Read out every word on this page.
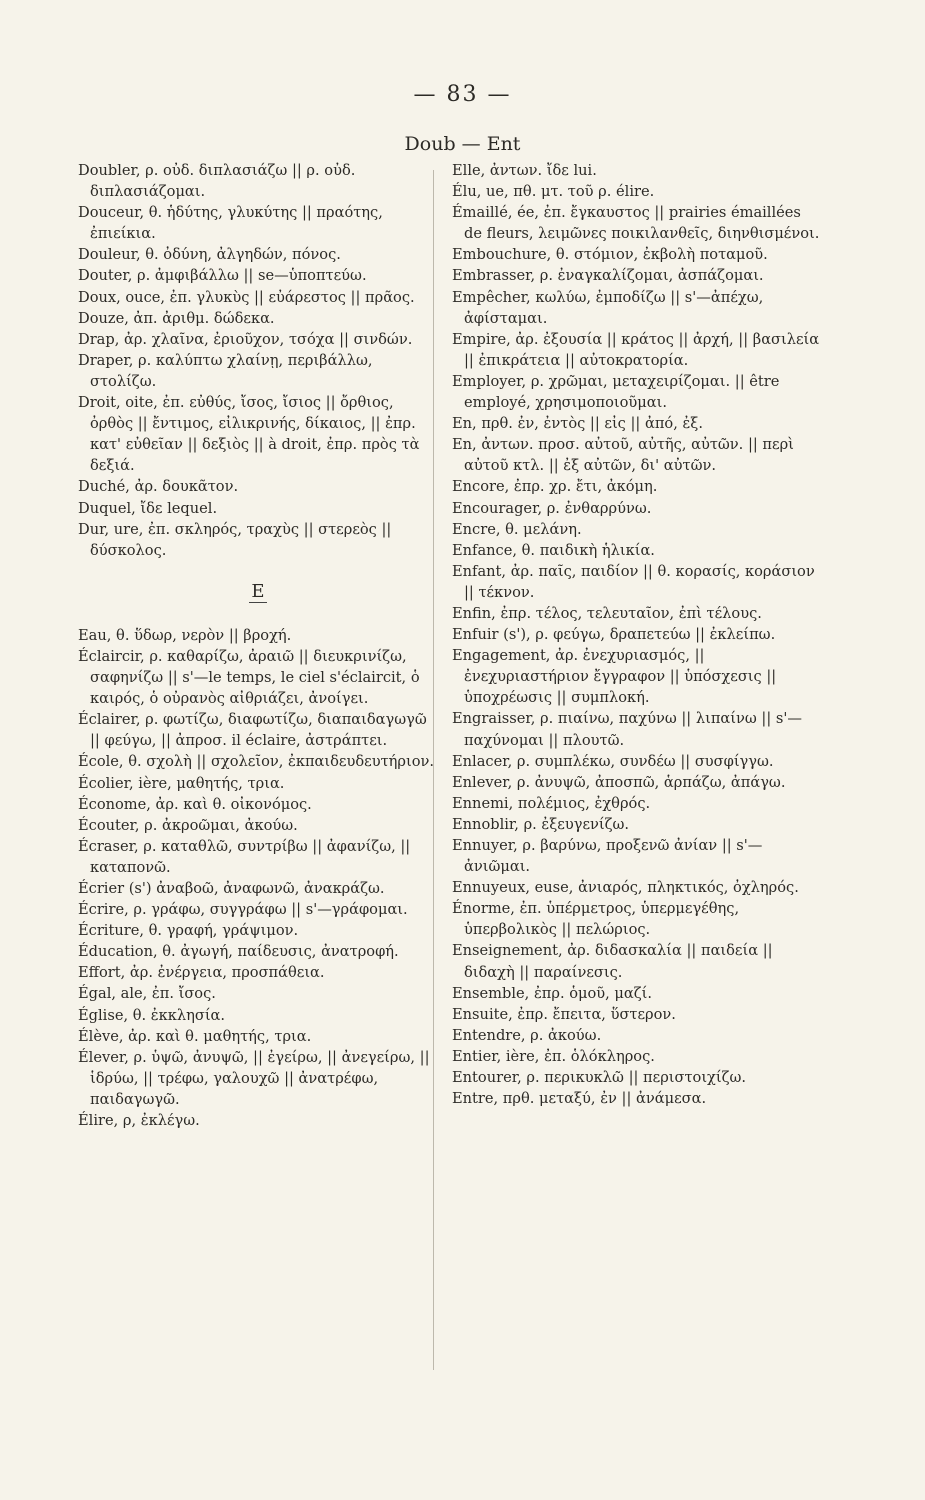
— 83 —
Doub — Ent

Doubler, ρ. οὐδ. διπλασιάζω || ρ. οὐδ. διπλασιάζομαι.

Douceur, θ. ἡδύτης, γλυκύτης || πραότης, ἐπιείκια.

Douleur, θ. ὀδύνη, ἀλγηδών, πόνος.

Douter, ρ. ἀμφιβάλλω || se—ὑποπτεύω.

Doux, ouce, ἐπ. γλυκὺς || εὐάρεστος || πρᾶος.

Douze, ἀπ. ἀριθμ. δώδεκα.

Drap, ἀρ. χλαῖνα, ἐριοῦχον, τσόχα || σινδών.

Draper, ρ. καλύπτω χλαίνῃ, περιβάλλω, στολίζω.

Droit, oite, ἐπ. εὐθύς, ἴσος, ἴσιος || ὄρθιος, ὀρθὸς || ἔντιμος, εἰλικρινής, δίκαιος, || ἐπρ. κατ' εὐθεῖαν || δεξιὸς || à droit, ἐπρ. πρὸς τὰ δεξιά.

Duché, ἀρ. δουκᾶτον.

Duquel, ἴδε lequel.

Dur, ure, ἐπ. σκληρός, τραχὺς || στερεὸς || δύσκολος.

E

Eau, θ. ὕδωρ, νερὸν || βροχή.

Éclaircir, ρ. καθαρίζω, ἀραιῶ || διευκρινίζω, σαφηνίζω || s'—le temps, le ciel s'éclaircit, ὁ καιρός, ὁ οὐρανὸς αἰθριάζει, ἀνοίγει.

Éclairer, ρ. φωτίζω, διαφωτίζω, διαπαιδαγωγῶ || φεύγω, || ἀπροσ. il éclaire, ἀστράπτει.

École, θ. σχολὴ || σχολεῖον, ἐκπαιδευδευτήριον.

Écolier, ière, μαθητής, τρια.

Économe, ἀρ. καὶ θ. οἰκονόμος.

Écouter, ρ. ἀκροῶμαι, ἀκούω.

Écraser, ρ. καταθλῶ, συντρίβω || ἀφανίζω, || καταπονῶ.

Écrier (s') ἀναβοῶ, ἀναφωνῶ, ἀνακράζω.

Écrire, ρ. γράφω, συγγράφω || s'—γράφομαι.

Écriture, θ. γραφή, γράψιμον.

Éducation, θ. ἀγωγή, παίδευσις, ἀνατροφή.

Effort, ἀρ. ἐνέργεια, προσπάθεια.

Égal, ale, ἐπ. ἴσος.

Église, θ. ἐκκλησία.

Élève, ἀρ. καὶ θ. μαθητής, τρια.

Élever, ρ. ὑψῶ, ἀνυψῶ, || ἐγείρω, || ἀνεγείρω, || ἱδρύω, || τρέφω, γαλουχῶ || ἀνατρέφω, παιδαγωγῶ.

Élire, ρ, ἐκλέγω.

Elle, ἀντων. ἴδε lui.

Élu, ue, πθ. μτ. τοῦ ρ. élire.

Émaillé, ée, ἐπ. ἔγκαυστος || prairies émaillées de fleurs, λειμῶνες ποικιλανθεῖς, διηνθισμένοι.

Embouchure, θ. στόμιον, ἐκβολὴ ποταμοῦ.

Embrasser, ρ. ἐναγκαλίζομαι, ἀσπάζομαι.

Empêcher, κωλύω, ἐμποδίζω || s'—ἀπέχω, ἀφίσταμαι.

Empire, ἀρ. ἐξουσία || κράτος || ἀρχή, || βασιλεία || ἐπικράτεια || αὐτοκρατορία.

Employer, ρ. χρῶμαι, μεταχειρίζομαι. || être employé, χρησιμοποιοῦμαι.

En, πρθ. ἐν, ἐντὸς || εἰς || ἀπό, ἐξ.

En, ἀντων. προσ. αὐτοῦ, αὐτῆς, αὐτῶν. || περὶ αὐτοῦ κτλ. || ἐξ αὐτῶν, δι' αὐτῶν.

Encore, ἐπρ. χρ. ἔτι, ἀκόμη.

Encourager, ρ. ἐνθαρρύνω.

Encre, θ. μελάνη.

Enfance, θ. παιδικὴ ἡλικία.

Enfant, ἀρ. παῖς, παιδίον || θ. κορασίς, κοράσιον || τέκνον.

Enfin, ἐπρ. τέλος, τελευταῖον, ἐπὶ τέλους.

Enfuir (s'), ρ. φεύγω, δραπετεύω || ἐκλείπω.

Engagement, ἀρ. ἐνεχυριασμός, || ἐνεχυριαστήριον ἔγγραφον || ὑπόσχεσις || ὑποχρέωσις || συμπλοκή.

Engraisser, ρ. πιαίνω, παχύνω || λιπαίνω || s'—παχύνομαι || πλουτῶ.

Enlacer, ρ. συμπλέκω, συνδέω || συσφίγγω.

Enlever, ρ. ἀνυψῶ, ἀποσπῶ, ἁρπάζω, ἀπάγω.

Ennemi, πολέμιος, ἐχθρός.

Ennoblir, ρ. ἐξευγενίζω.

Ennuyer, ρ. βαρύνω, προξενῶ ἀνίαν || s'—ἀνιῶμαι.

Ennuyeux, euse, ἀνιαρός, πληκτικός, ὀχληρός.

Énorme, ἐπ. ὑπέρμετρος, ὑπερμεγέθης, ὑπερβολικὸς || πελώριος.

Enseignement, ἀρ. διδασκαλία || παιδεία || διδαχὴ || παραίνεσις.

Ensemble, ἐπρ. ὁμοῦ, μαζί.

Ensuite, ἐπρ. ἔπειτα, ὕστερον.

Entendre, ρ. ἀκούω.

Entier, ière, ἐπ. ὁλόκληρος.

Entourer, ρ. περικυκλῶ || περιστοιχίζω.

Entre, πρθ. μεταξύ, ἐν || ἀνάμεσα.
